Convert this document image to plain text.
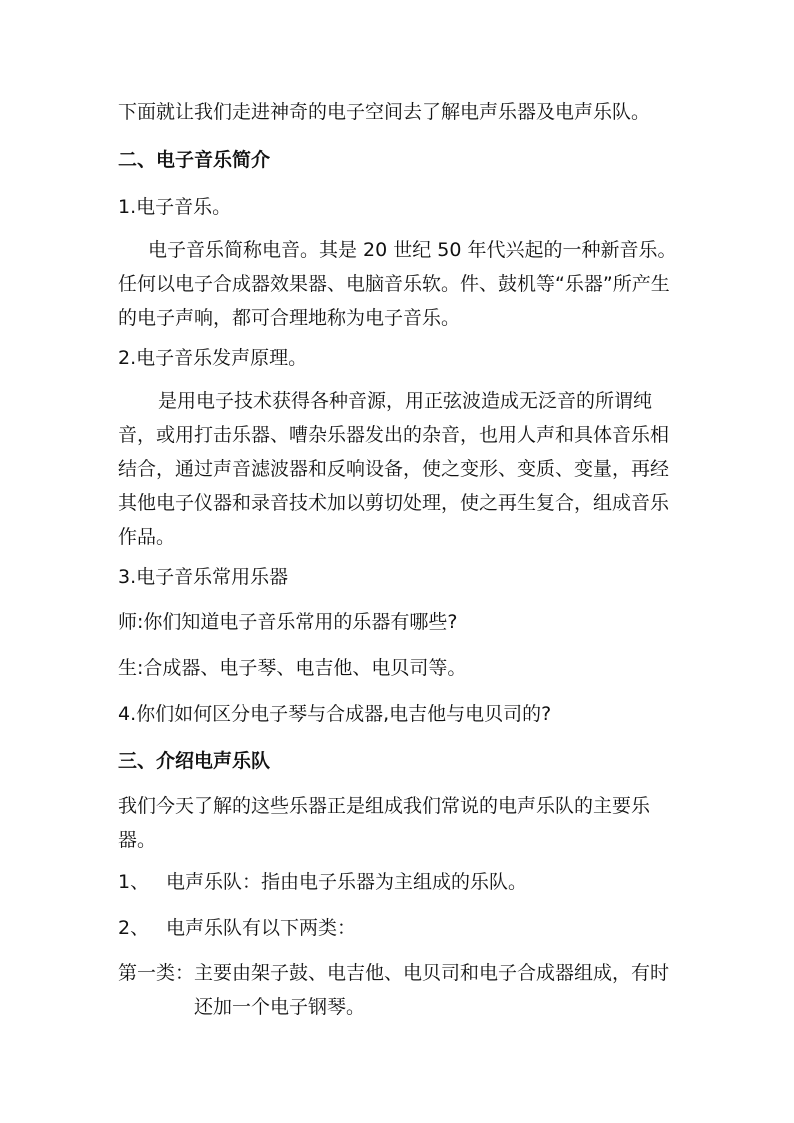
下面就让我们走进神奇的电子空间去了解电声乐器及电声乐队。
二、电子音乐简介
1.电子音乐。
电子音乐简称电音。其是 20 世纪 50 年代兴起的一种新音乐。任何以电子合成器效果器、电脑音乐软。件、鼓机等“乐器”所产生的电子声响，都可合理地称为电子音乐。
2.电子音乐发声原理。
是用电子技术获得各种音源，用正弦波造成无泛音的所谓纯音，或用打击乐器、嘈杂乐器发出的杂音，也用人声和具体音乐相结合，通过声音滤波器和反响设备，使之变形、变质、变量，再经其他电子仪器和录音技术加以剪切处理，使之再生复合，组成音乐作品。
3.电子音乐常用乐器
师:你们知道电子音乐常用的乐器有哪些?
生:合成器、电子琴、电吉他、电贝司等。
4.你们如何区分电子琴与合成器,电吉他与电贝司的?
三、介绍电声乐队
我们今天了解的这些乐器正是组成我们常说的电声乐队的主要乐器。
1、 电声乐队：指由电子乐器为主组成的乐队。
2、 电声乐队有以下两类：
第一类： 主要由架子鼓、电吉他、电贝司和电子合成器组成，有时还加一个电子钢琴。
